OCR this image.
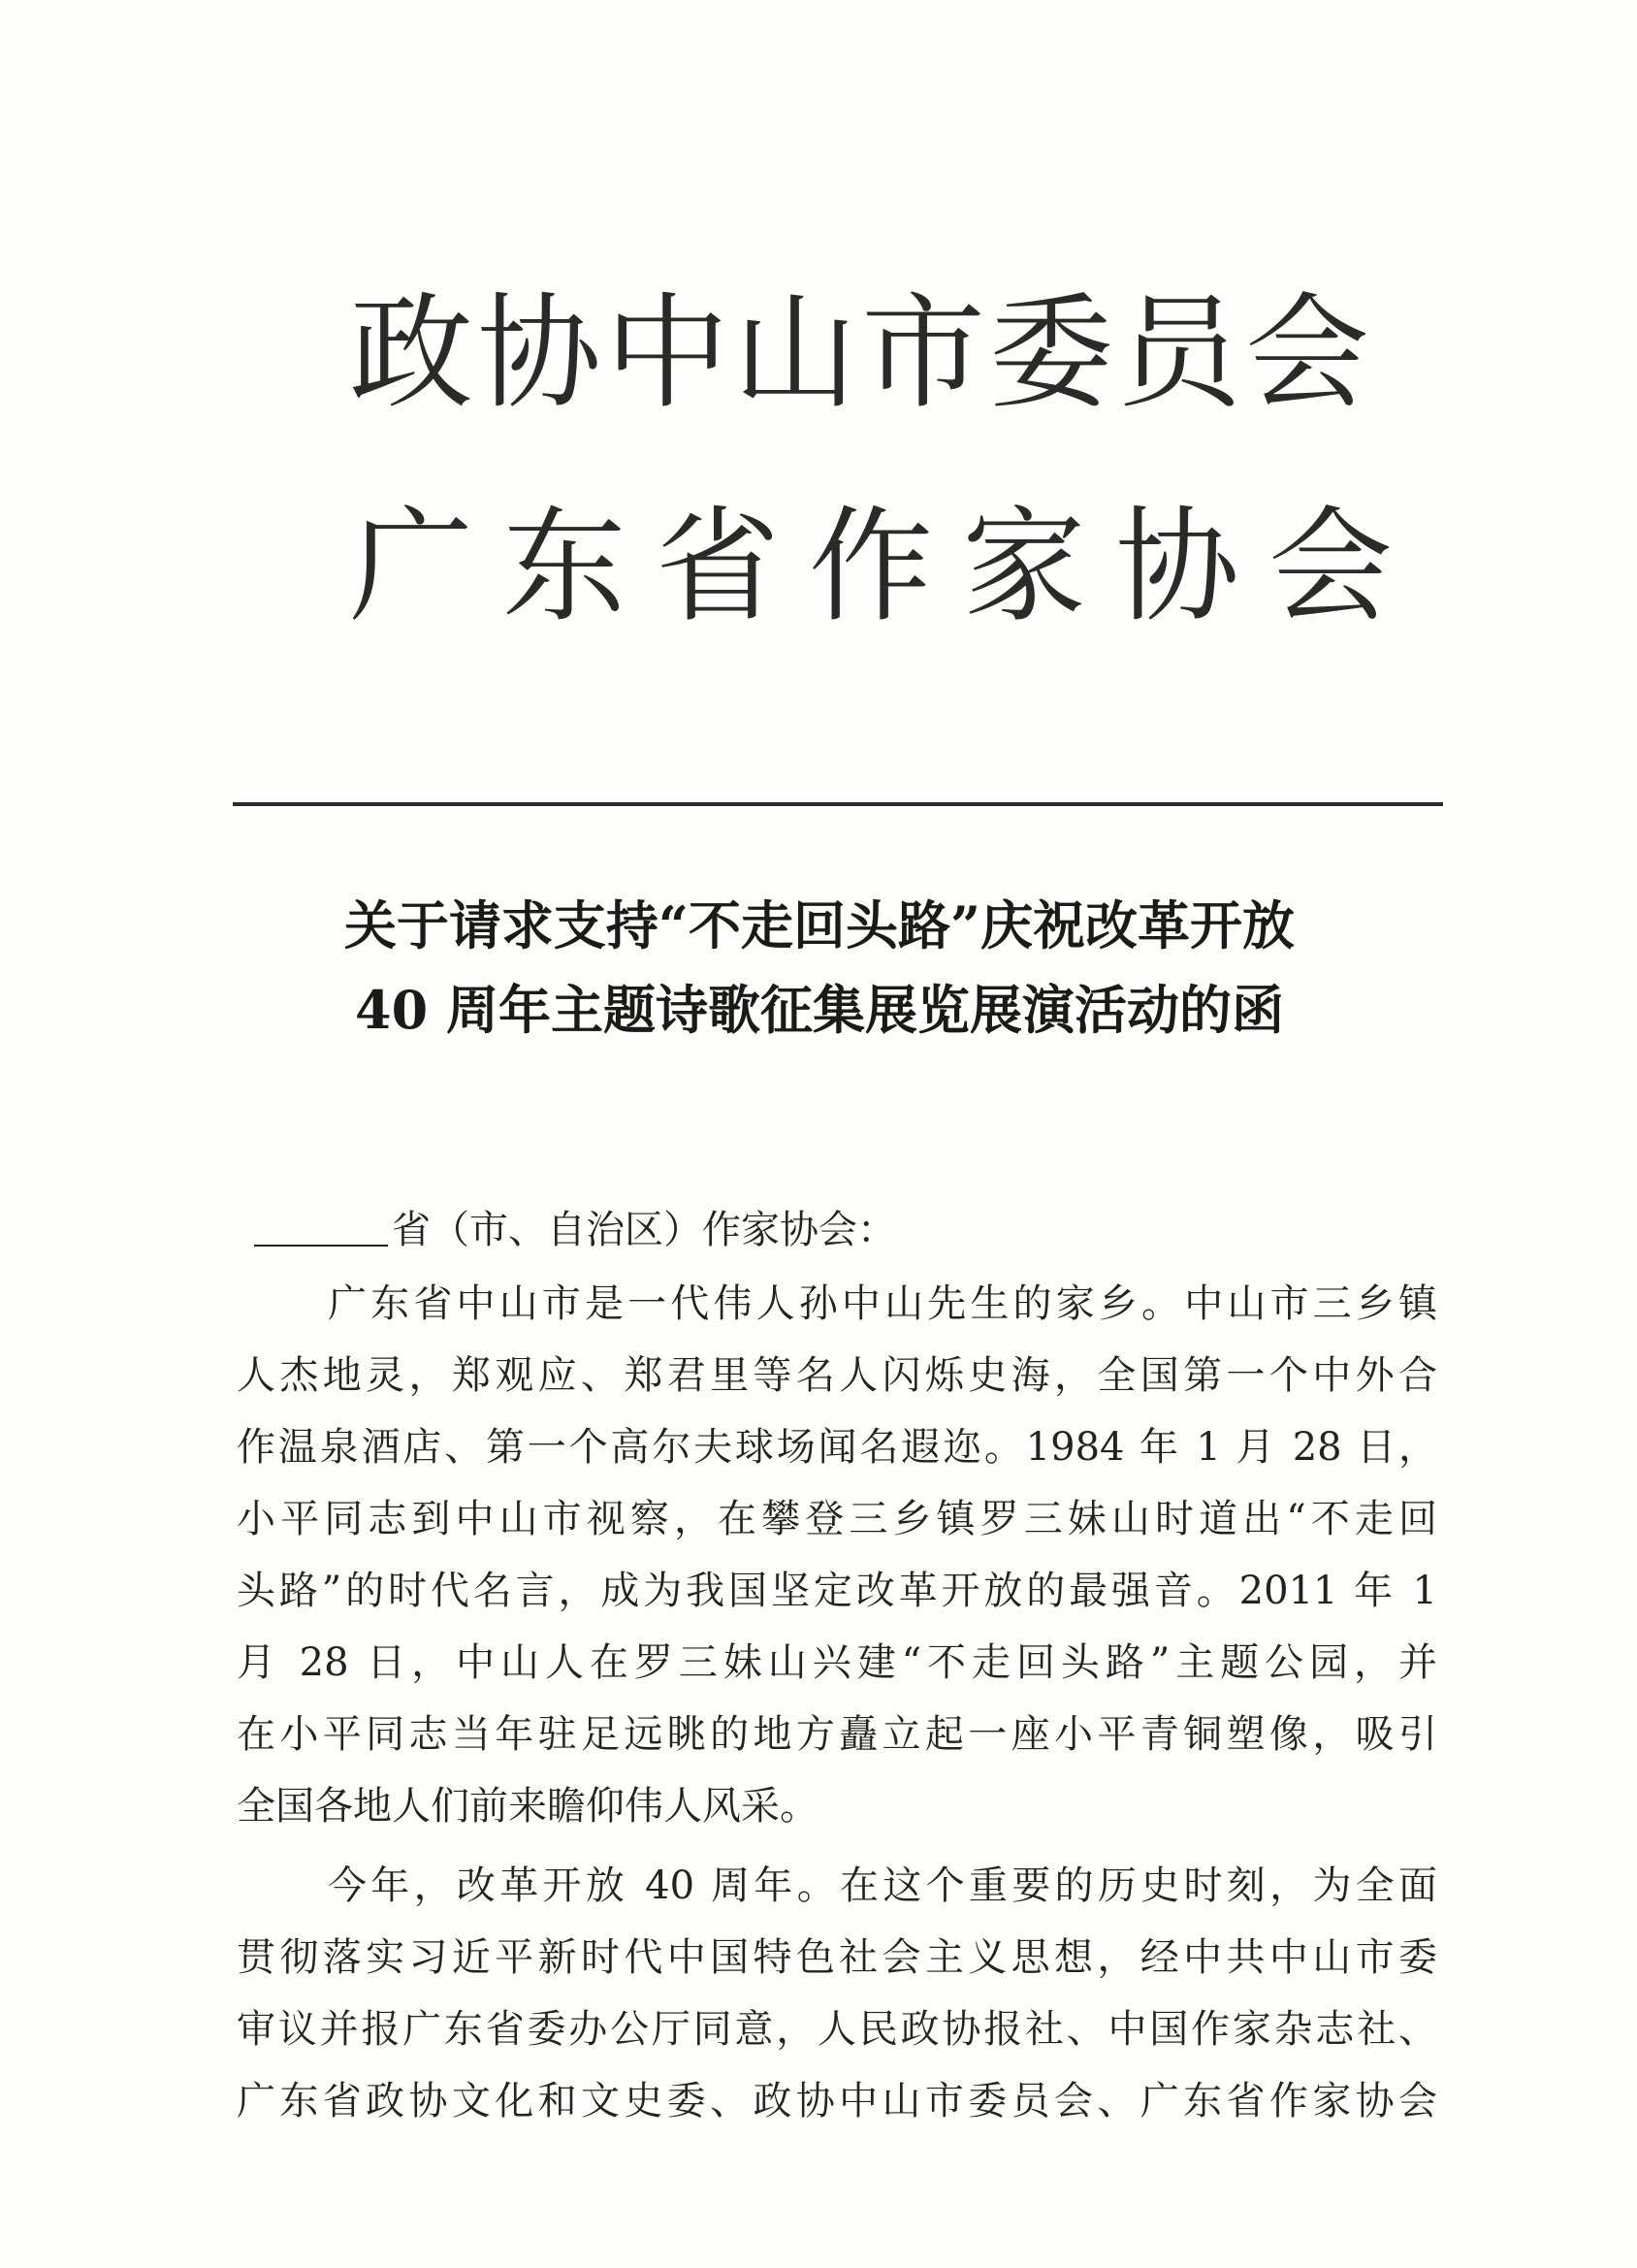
政协中山市委员会
广东省作家协会
关于请求支持“不走回头路”庆祝改革开放
40 周年主题诗歌征集展览展演活动的函
省（市、自治区）作家协会：
广东省中山市是一代伟人孙中山先生的家乡。中山市三乡镇
人杰地灵，郑观应、郑君里等名人闪烁史海，全国第一个中外合
作温泉酒店、第一个高尔夫球场闻名遐迩。1984 年 1 月 28 日，
小平同志到中山市视察，在攀登三乡镇罗三妹山时道出“不走回
头路”的时代名言，成为我国坚定改革开放的最强音。2011 年 1
月 28 日，中山人在罗三妹山兴建“不走回头路”主题公园，并
在小平同志当年驻足远眺的地方矗立起一座小平青铜塑像，吸引
全国各地人们前来瞻仰伟人风采。
今年，改革开放 40 周年。在这个重要的历史时刻，为全面
贯彻落实习近平新时代中国特色社会主义思想，经中共中山市委
审议并报广东省委办公厅同意，人民政协报社、中国作家杂志社、
广东省政协文化和文史委、政协中山市委员会、广东省作家协会
